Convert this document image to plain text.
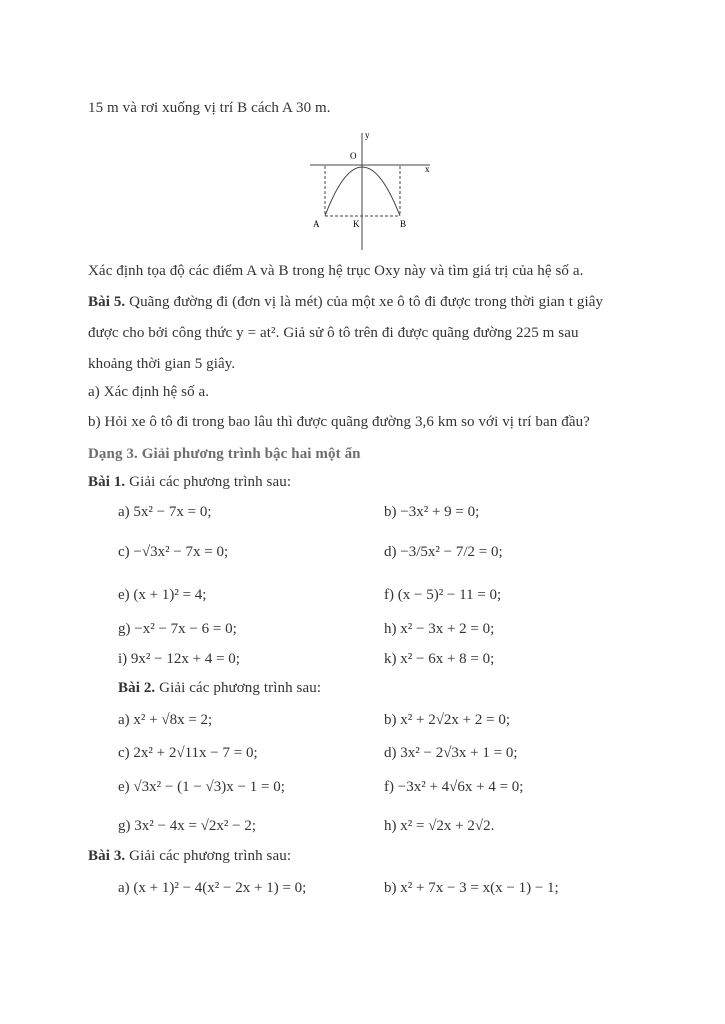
15 m và rơi xuống vị trí B cách A 30 m.
y
x
O
A	K	B
Xác định tọa độ các điểm A và B trong hệ trục Oxy này và tìm giá trị của hệ số a.
Bài 5. Quãng đường đi (đơn vị là mét) của một xe ô tô đi được trong thời gian t giây
được cho bởi công thức y = at². Giả sử ô tô trên đi được quãng đường 225 m sau
khoảng thời gian 5 giây.
a) Xác định hệ số a.
b) Hỏi xe ô tô đi trong bao lâu thì được quãng đường 3,6 km so với vị trí ban đầu?
Dạng 3. Giải phương trình bậc hai một ẩn
Bài 1. Giải các phương trình sau:
a) 5x² − 7x = 0;	b) −3x² + 9 = 0;
c) −√3x² − 7x = 0;	d) −3/5x² − 7/2 = 0;
e) (x + 1)² = 4;	f) (x − 5)² − 11 = 0;
g) −x² − 7x − 6 = 0;	h) x² − 3x + 2 = 0;
i) 9x² − 12x + 4 = 0;	k) x² − 6x + 8 = 0;
Bài 2. Giải các phương trình sau:
a) x² + √8x = 2;	b) x² + 2√2x + 2 = 0;
c) 2x² + 2√11x − 7 = 0;	d) 3x² − 2√3x + 1 = 0;
e) √3x² − (1 − √3)x − 1 = 0;	f) −3x² + 4√6x + 4 = 0;
g) 3x² − 4x = √2x² − 2;	h) x² = √2x + 2√2.
Bài 3. Giải các phương trình sau:
a) (x + 1)² − 4(x² − 2x + 1) = 0;	b) x² + 7x − 3 = x(x − 1) − 1;
